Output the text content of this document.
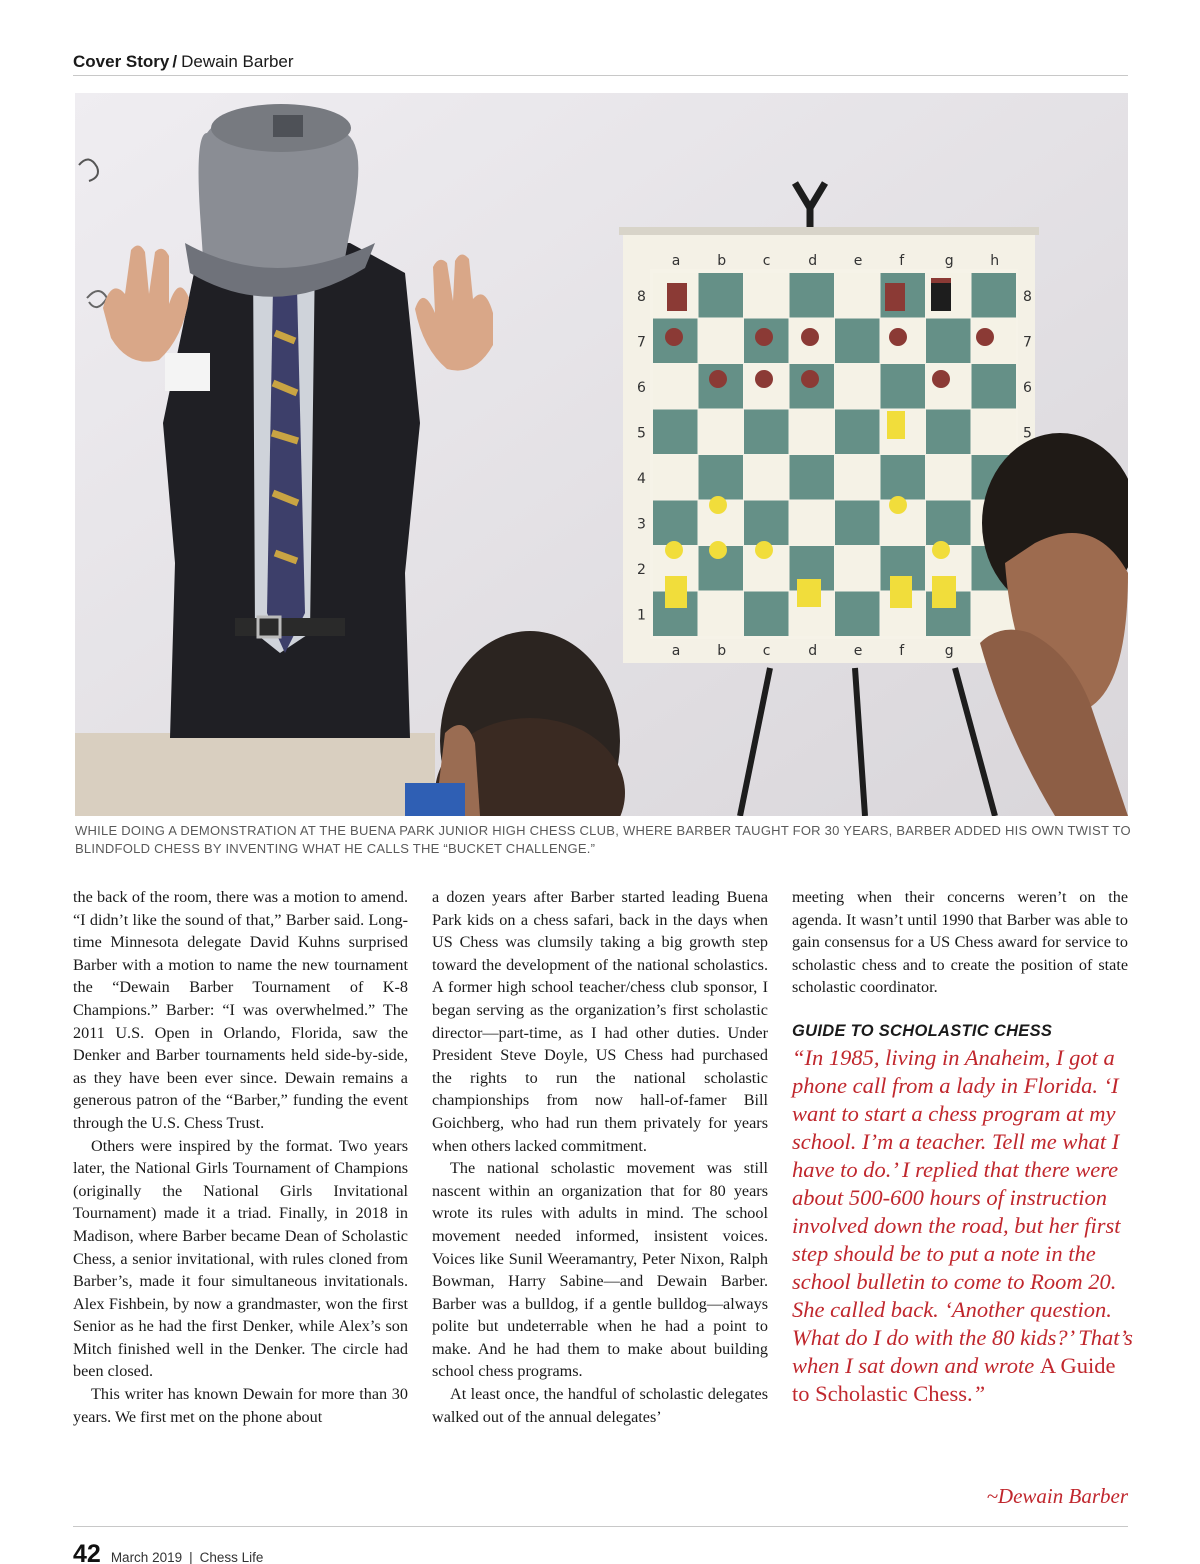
Cover Story / Dewain Barber
a
a
b
b
c
c
d
d
e
e
f
f
g
g
h
8	8
7	7
6	6
5	5
4
3
2
1
WHILE DOING A DEMONSTRATION AT THE BUENA PARK JUNIOR HIGH CHESS CLUB, WHERE BARBER TAUGHT FOR 30 YEARS, BARBER ADDED HIS OWN TWIST TO BLINDFOLD CHESS BY INVENTING WHAT HE CALLS THE “BUCKET CHALLENGE.”

the back of the room, there was a motion to amend. “I didn’t like the sound of that,” Barber said. Long-time Minnesota delegate David Kuhns surprised Barber with a motion to name the new tournament the “Dewain Barber Tournament of K-8 Champions.” Barber: “I was overwhelmed.” The 2011 U.S. Open in Orlando, Florida, saw the Denker and Barber tournaments held side-by-side, as they have been ever since. Dewain remains a generous patron of the “Barber,” funding the event through the U.S. Chess Trust.

Others were inspired by the format. Two years later, the National Girls Tournament of Champions (originally the National Girls Invitational Tournament) made it a triad. Finally, in 2018 in Madison, where Barber became Dean of Scholastic Chess, a senior invitational, with rules cloned from Barber’s, made it four simultaneous invitationals. Alex Fishbein, by now a grandmaster, won the first Senior as he had the first Denker, while Alex’s son Mitch finished well in the Denker. The circle had been closed.

This writer has known Dewain for more than 30 years. We first met on the phone about

a dozen years after Barber started leading Buena Park kids on a chess safari, back in the days when US Chess was clumsily taking a big growth step toward the development of the national scholastics. A former high school teacher/chess club sponsor, I began serving as the organization’s first scholastic director—part-time, as I had other duties. Under President Steve Doyle, US Chess had purchased the rights to run the national scholastic championships from now hall-of-famer Bill Goichberg, who had run them privately for years when others lacked commitment.

The national scholastic movement was still nascent within an organization that for 80 years wrote its rules with adults in mind. The school movement needed informed, insistent voices. Voices like Sunil Weeramantry, Peter Nixon, Ralph Bowman, Harry Sabine—and Dewain Barber. Barber was a bulldog, if a gentle bulldog—always polite but undeterrable when he had a point to make. And he had them to make about building school chess programs.

At least once, the handful of scholastic delegates walked out of the annual delegates’

meeting when their concerns weren’t on the agenda. It wasn’t until 1990 that Barber was able to gain consensus for a US Chess award for service to scholastic chess and to create the position of state scholastic coordinator.

GUIDE TO SCHOLASTIC CHESS
“In 1985, living in Anaheim, I got a phone call from a lady in Florida. ‘I want to start a chess program at my school. I’m a teacher. Tell me what I have to do.’ I replied that there were about 500-600 hours of instruction involved down the road, but her first step should be to put a note in the school bulletin to come to Room 20. She called back. ‘Another question. What do I do with the 80 kids?’ That’s when I sat down and wrote A Guide to Scholastic Chess.”
~Dewain Barber
42 March 2019 | Chess Life
